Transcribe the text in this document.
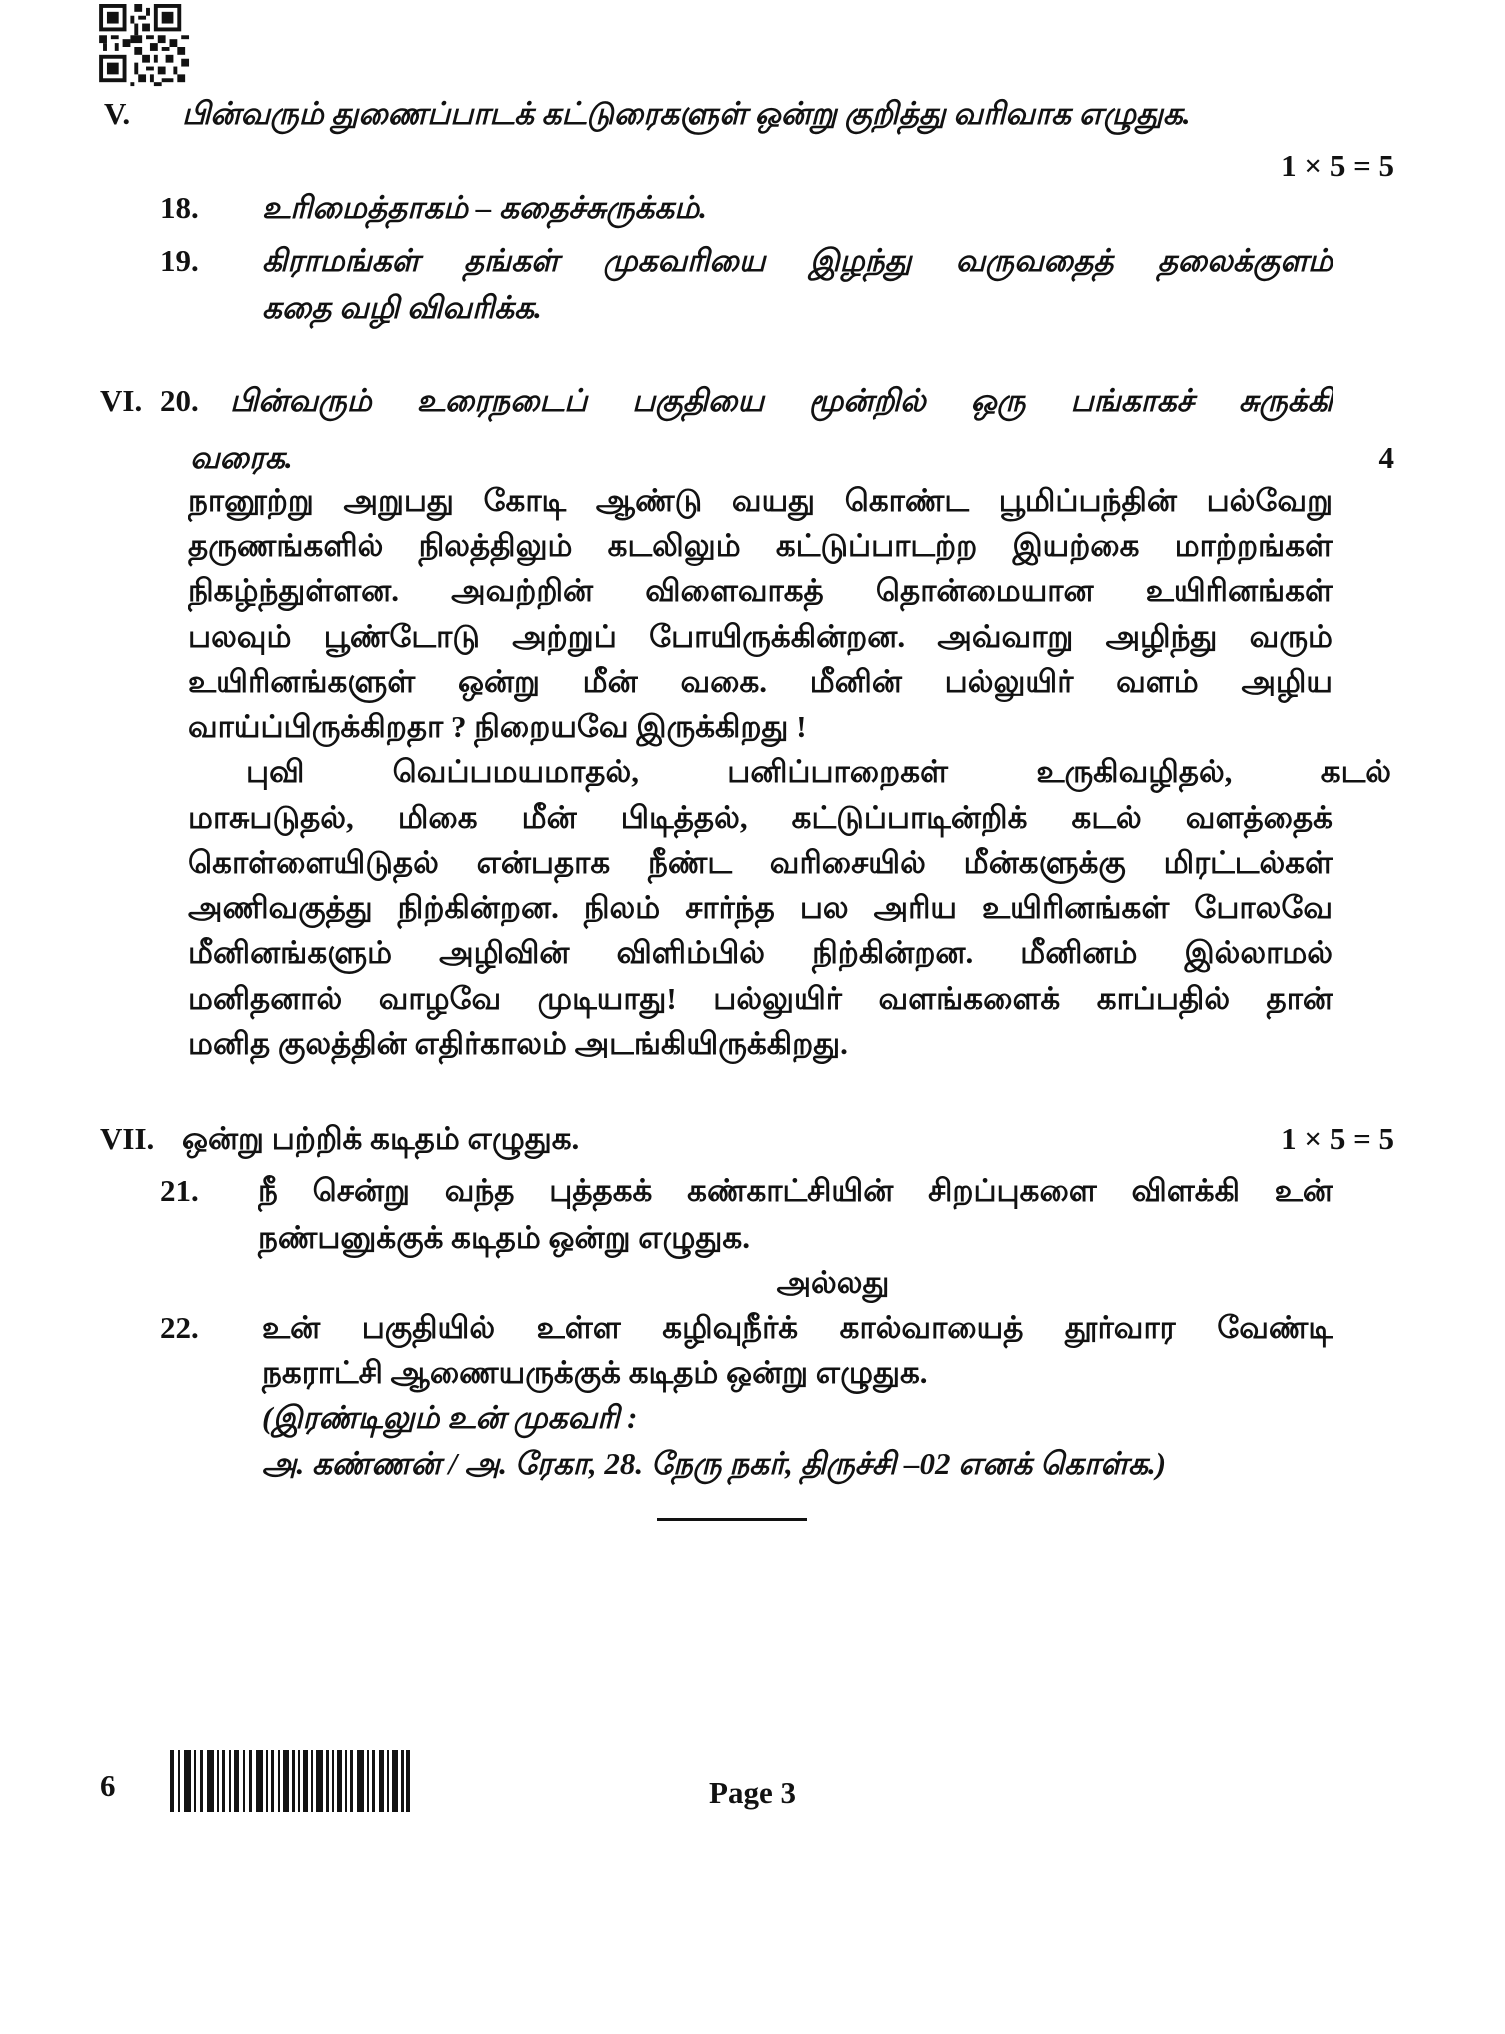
V. பின்வரும் துணைப்பாடக் கட்டுரைகளுள் ஒன்று குறித்து வரிவாக எழுதுக.
1 × 5 = 5
18. உரிமைத்தாகம் – கதைச்சுருக்கம்.
19. கிராமங்கள் தங்கள் முகவரியை இழந்து வருவதைத் தலைக்குளம்
கதை வழி விவரிக்க.
VI. 20. பின்வரும் உரைநடைப் பகுதியை மூன்றில் ஒரு பங்காகச் சுருக்கி
வரைக.	4
நானூற்று அறுபது கோடி ஆண்டு வயது கொண்ட பூமிப்பந்தின் பல்வேறு
தருணங்களில் நிலத்திலும் கடலிலும் கட்டுப்பாடற்ற இயற்கை மாற்றங்கள்
நிகழ்ந்துள்ளன. அவற்றின் விளைவாகத் தொன்மையான உயிரினங்கள்
பலவும் பூண்டோடு அற்றுப் போயிருக்கின்றன. அவ்வாறு அழிந்து வரும்
உயிரினங்களுள் ஒன்று மீன் வகை. மீனின் பல்லுயிர் வளம் அழிய
வாய்ப்பிருக்கிறதா ? நிறையவே இருக்கிறது !
புவி வெப்பமயமாதல், பனிப்பாறைகள் உருகிவழிதல், கடல்
மாசுபடுதல், மிகை மீன் பிடித்தல், கட்டுப்பாடின்றிக் கடல் வளத்தைக்
கொள்ளையிடுதல் என்பதாக நீண்ட வரிசையில் மீன்களுக்கு மிரட்டல்கள்
அணிவகுத்து நிற்கின்றன. நிலம் சார்ந்த பல அரிய உயிரினங்கள் போலவே
மீனினங்களும் அழிவின் விளிம்பில் நிற்கின்றன. மீனினம் இல்லாமல்
மனிதனால் வாழவே முடியாது! பல்லுயிர் வளங்களைக் காப்பதில் தான்
மனித குலத்தின் எதிர்காலம் அடங்கியிருக்கிறது.
VII. ஒன்று பற்றிக் கடிதம் எழுதுக.	1 × 5 = 5
21. நீ சென்று வந்த புத்தகக் கண்காட்சியின் சிறப்புகளை விளக்கி உன்
நண்பனுக்குக் கடிதம் ஒன்று எழுதுக.
அல்லது
22. உன் பகுதியில் உள்ள கழிவுநீர்க் கால்வாயைத் தூர்வார வேண்டி
நகராட்சி ஆணையருக்குக் கடிதம் ஒன்று எழுதுக.
(இரண்டிலும் உன் முகவரி :
அ. கண்ணன் / அ. ரேகா, 28. நேரு நகர், திருச்சி –02 எனக் கொள்க.)
6	Page 3
